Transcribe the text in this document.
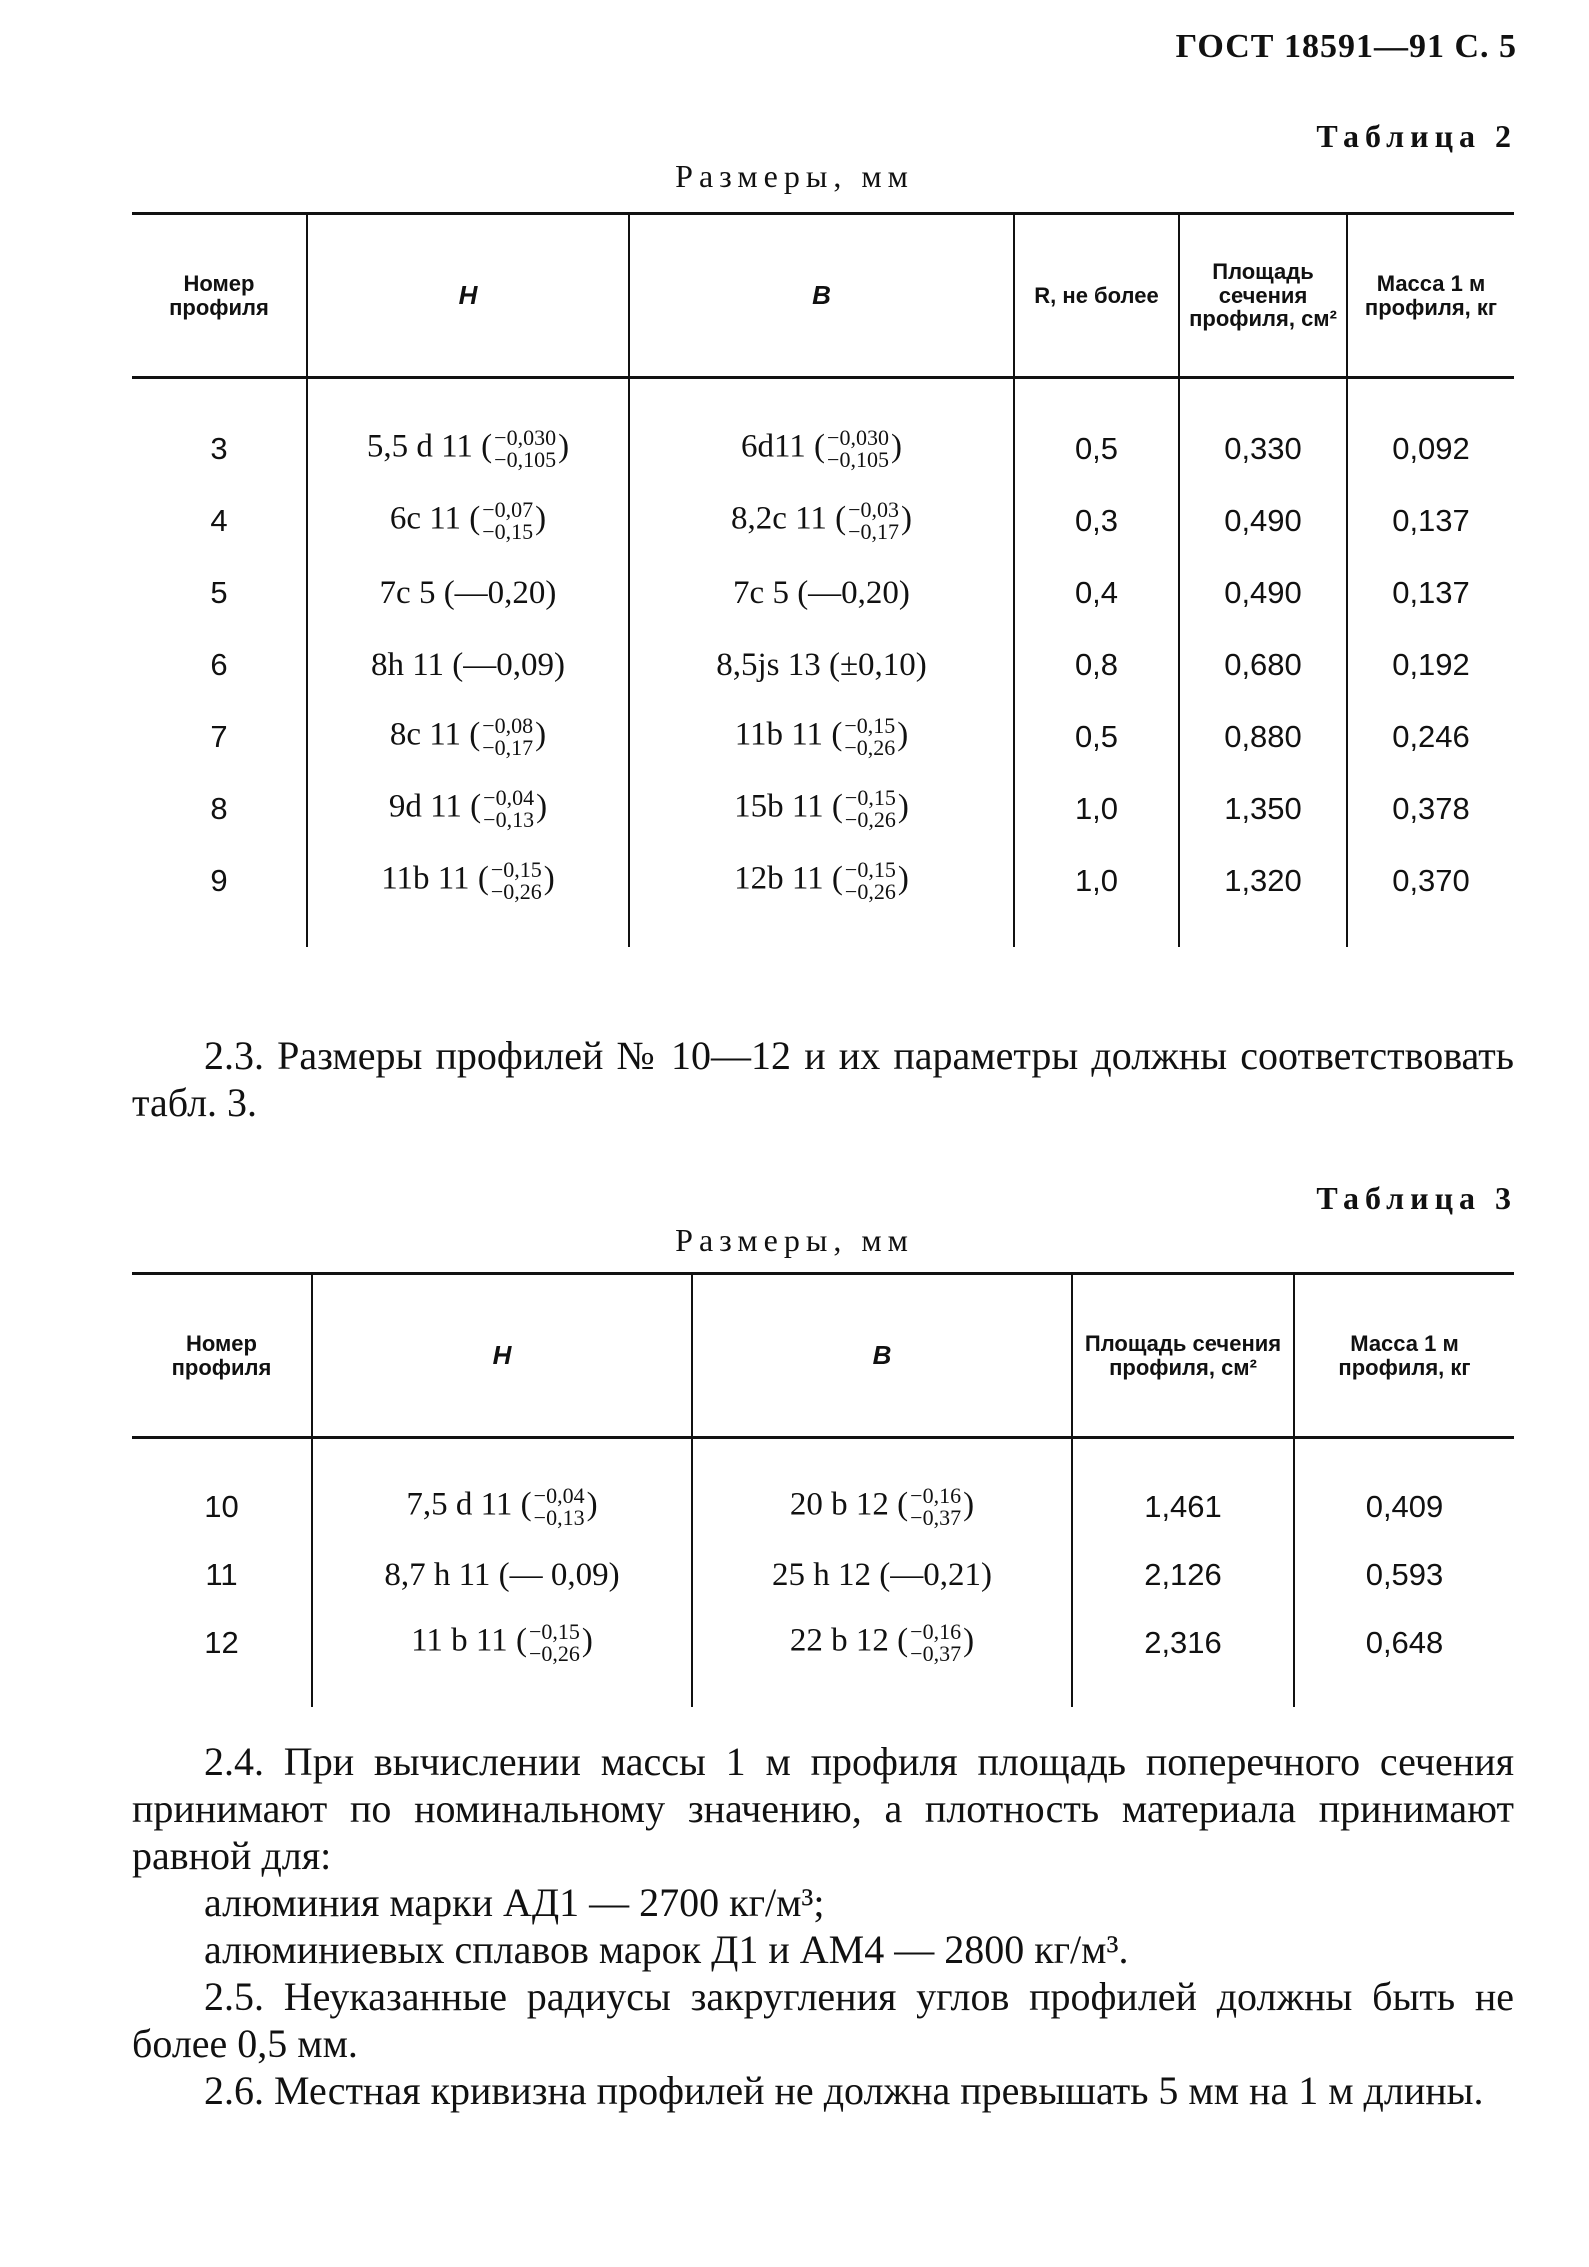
ГОСТ 18591—91 С. 5
Таблица 2
Размеры, мм
Номер профиля	H	B	R, не более	Площадь сечения профиля, см²	Масса 1 м профиля, кг

3	5,5 d 11 ( −0,030
−0,105 )	6d11 ( −0,030
−0,105 )	0,5	0,330	0,092
4	6c 11 ( −0,07
−0,15 )	8,2c 11 ( −0,03
−0,17 )	0,3	0,490	0,137
5	7c 5 (—0,20)	7c 5 (—0,20)	0,4	0,490	0,137
6	8h 11 (—0,09)	8,5js 13 (±0,10)	0,8	0,680	0,192
7	8c 11 ( −0,08
−0,17 )	11b 11 ( −0,15
−0,26 )	0,5	0,880	0,246
8	9d 11 ( −0,04
−0,13 )	15b 11 ( −0,15
−0,26 )	1,0	1,350	0,378
9	11b 11 ( −0,15
−0,26 )	12b 11 ( −0,15
−0,26 )	1,0	1,320	0,370

2.3. Размеры профилей № 10—12 и их параметры должны соответствовать табл. 3.

Таблица 3
Размеры, мм
Номер профиля	H	B	Площадь сечения профиля, см²	Масса 1 м профиля, кг

10	7,5 d 11 ( −0,04
−0,13 )	20 b 12 ( −0,16
−0,37 )	1,461	0,409
11	8,7 h 11 (— 0,09)	25 h 12 (—0,21)	2,126	0,593
12	11 b 11 ( −0,15
−0,26 )	22 b 12 ( −0,16
−0,37 )	2,316	0,648

2.4. При вычислении массы 1 м профиля площадь поперечного сечения принимают по номинальному значению, а плотность материала принимают равной для:

алюминия марки АД1 — 2700 кг/м³;

алюминиевых сплавов марок Д1 и АМ4 — 2800 кг/м³.

2.5. Неуказанные радиусы закругления углов профилей должны быть не более 0,5 мм.

2.6. Местная кривизна профилей не должна превышать 5 мм на 1 м длины.
